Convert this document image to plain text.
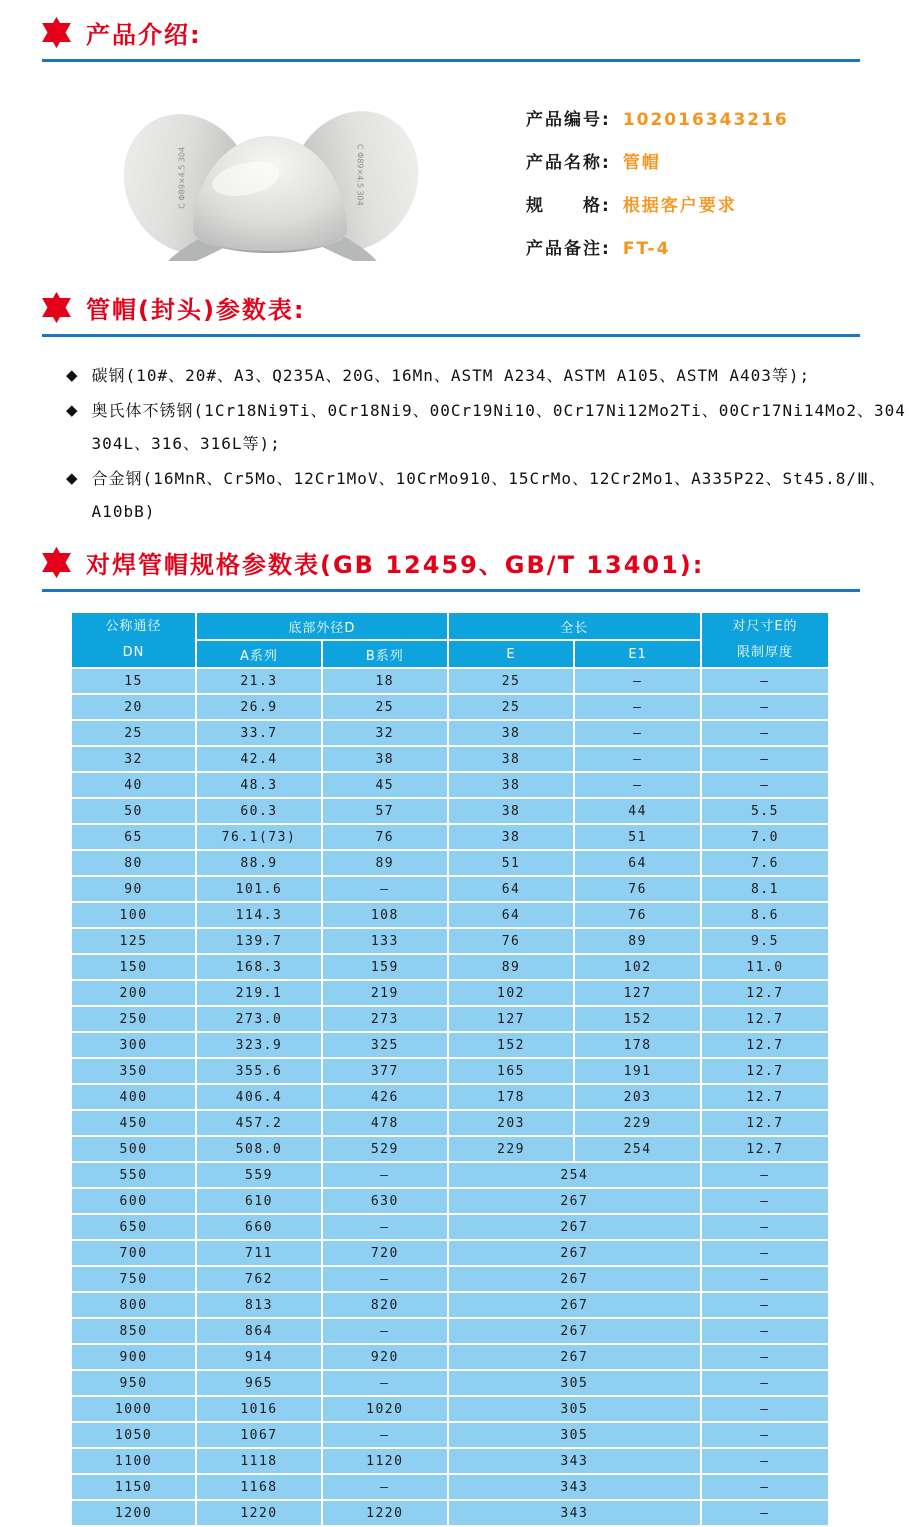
产品介绍:
C Φ89×4.5 304	C Φ89×4.5 304
产品编号: 102016343216
产品名称: 管帽
规　　格: 根据客户要求
产品备注: FT-4
管帽(封头)参数表:
◆ 碳钢(10#、20#、A3、Q235A、20G、16Mn、ASTM A234、ASTM A105、ASTM A403等);
◆ 奥氏体不锈钢(1Cr18Ni9Ti、0Cr18Ni9、00Cr19Ni10、0Cr17Ni12Mo2Ti、00Cr17Ni14Mo2、304
304L、316、316L等);
◆ 合金钢(16MnR、Cr5Mo、12Cr1MoV、10CrMo910、15CrMo、12Cr2Mo1、A335P22、St45.8/Ⅲ、
A10bB)
对焊管帽规格参数表(GB 12459、GB/T 13401):
公称通径
DN
	底部外径D	全长	对尺寸E的
限制厚度

	A系列	B系列	E	E1	
15	21.3	18	25	–	–
20	26.9	25	25	–	–
25	33.7	32	38	–	–
32	42.4	38	38	–	–
40	48.3	45	38	–	–
50	60.3	57	38	44	5.5
65	76.1(73)	76	38	51	7.0
80	88.9	89	51	64	7.6
90	101.6	–	64	76	8.1
100	114.3	108	64	76	8.6
125	139.7	133	76	89	9.5
150	168.3	159	89	102	11.0
200	219.1	219	102	127	12.7
250	273.0	273	127	152	12.7
300	323.9	325	152	178	12.7
350	355.6	377	165	191	12.7
400	406.4	426	178	203	12.7
450	457.2	478	203	229	12.7
500	508.0	529	229	254	12.7
550	559	–	254		–
600	610	630	267		–
650	660	–	267		–
700	711	720	267		–
750	762	–	267		–
800	813	820	267		–
850	864	–	267		–
900	914	920	267		–
950	965	–	305		–
1000	1016	1020	305		–
1050	1067	–	305		–
1100	1118	1120	343		–
1150	1168	–	343		–
1200	1220	1220	343		–
